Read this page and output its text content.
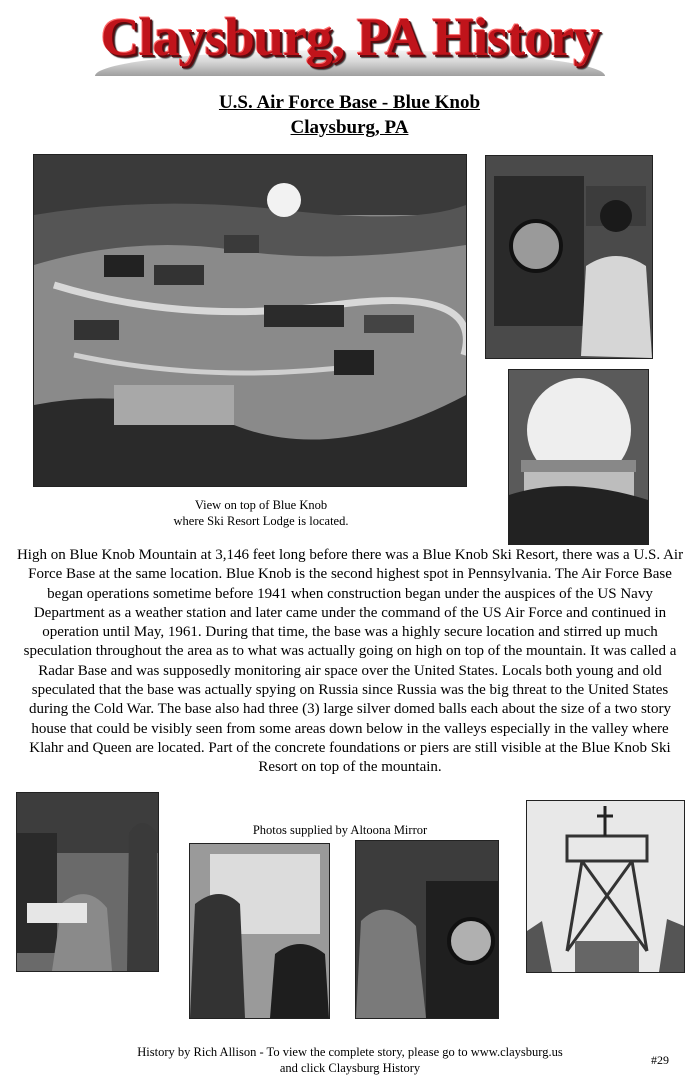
Claysburg, PA History
U.S. Air Force Base - Blue Knob
Claysburg, PA
View on top of Blue Knob
where Ski Resort Lodge is located.
High on Blue Knob Mountain at 3,146 feet long before there was a Blue Knob Ski Resort, there was a U.S. Air Force Base at the same location. Blue Knob is the second highest spot in Pennsylvania. The Air Force Base began operations sometime before 1941 when construction began under the auspices of the US Navy Department as a weather station and later came under the command of the US Air Force and continued in operation until May, 1961. During that time, the base was a highly secure location and stirred up much speculation throughout the area as to what was actually going on high on top of the mountain. It was called a Radar Base and was supposedly monitoring air space over the United States. Locals both young and old speculated that the base was actually spying on Russia since Russia was the big threat to the United States during the Cold War. The base also had three (3) large silver domed balls each about the size of a two story house that could be visibly seen from some areas down below in the valleys especially in the valley where Klahr and Queen are located. Part of the concrete foundations or piers are still visible at the Blue Knob Ski Resort on top of the mountain.
Photos supplied by Altoona Mirror
History by Rich Allison - To view the complete story, please go to www.claysburg.us
and click Claysburg History
#29
